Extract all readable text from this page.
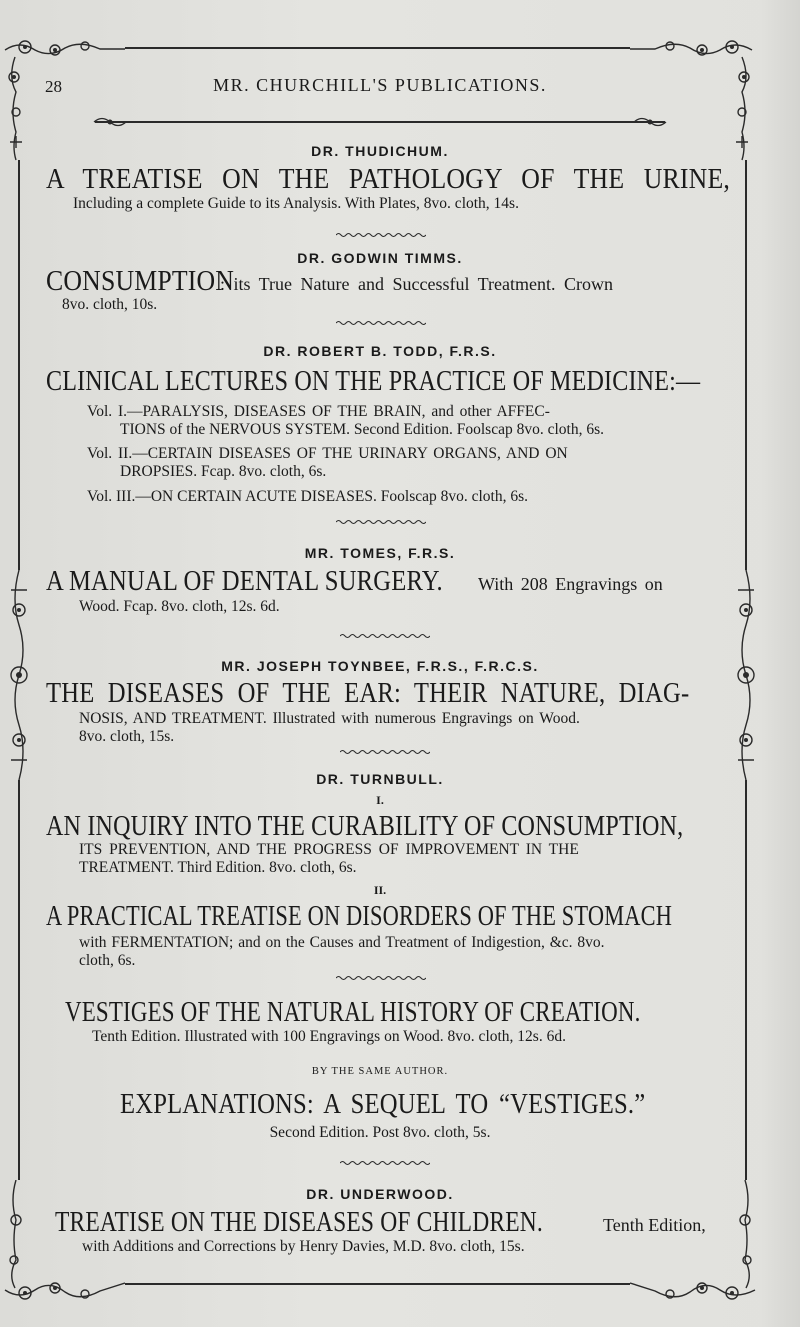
28	MR. CHURCHILL'S PUBLICATIONS.
DR. THUDICHUM.
A TREATISE ON THE PATHOLOGY OF THE URINE,
Including a complete Guide to its Analysis. With Plates, 8vo. cloth, 14s.
DR. GODWIN TIMMS.
CONSUMPTION: its True Nature and Successful Treatment. Crown
8vo. cloth, 10s.
DR. ROBERT B. TODD, F.R.S.
CLINICAL LECTURES ON THE PRACTICE OF MEDICINE:—
Vol. I.—PARALYSIS, DISEASES OF THE BRAIN, and other AFFEC-
TIONS of the NERVOUS SYSTEM. Second Edition. Foolscap 8vo. cloth, 6s.
Vol. II.—CERTAIN DISEASES OF THE URINARY ORGANS, AND ON
DROPSIES. Fcap. 8vo. cloth, 6s.
Vol. III.—ON CERTAIN ACUTE DISEASES. Foolscap 8vo. cloth, 6s.
MR. TOMES, F.R.S.
A MANUAL OF DENTAL SURGERY. With 208 Engravings on
Wood. Fcap. 8vo. cloth, 12s. 6d.
MR. JOSEPH TOYNBEE, F.R.S., F.R.C.S.
THE DISEASES OF THE EAR: THEIR NATURE, DIAG-
NOSIS, AND TREATMENT. Illustrated with numerous Engravings on Wood.
8vo. cloth, 15s.
DR. TURNBULL.
I.
AN INQUIRY INTO THE CURABILITY OF CONSUMPTION,
ITS PREVENTION, AND THE PROGRESS OF IMPROVEMENT IN THE
TREATMENT. Third Edition. 8vo. cloth, 6s.
II.
A PRACTICAL TREATISE ON DISORDERS OF THE STOMACH
with FERMENTATION; and on the Causes and Treatment of Indigestion, &c. 8vo.
cloth, 6s.
VESTIGES OF THE NATURAL HISTORY OF CREATION.
Tenth Edition. Illustrated with 100 Engravings on Wood. 8vo. cloth, 12s. 6d.
BY THE SAME AUTHOR.
EXPLANATIONS: A SEQUEL TO “VESTIGES.”
Second Edition. Post 8vo. cloth, 5s.
DR. UNDERWOOD.
TREATISE ON THE DISEASES OF CHILDREN.	Tenth Edition,
with Additions and Corrections by Henry Davies, M.D. 8vo. cloth, 15s.
